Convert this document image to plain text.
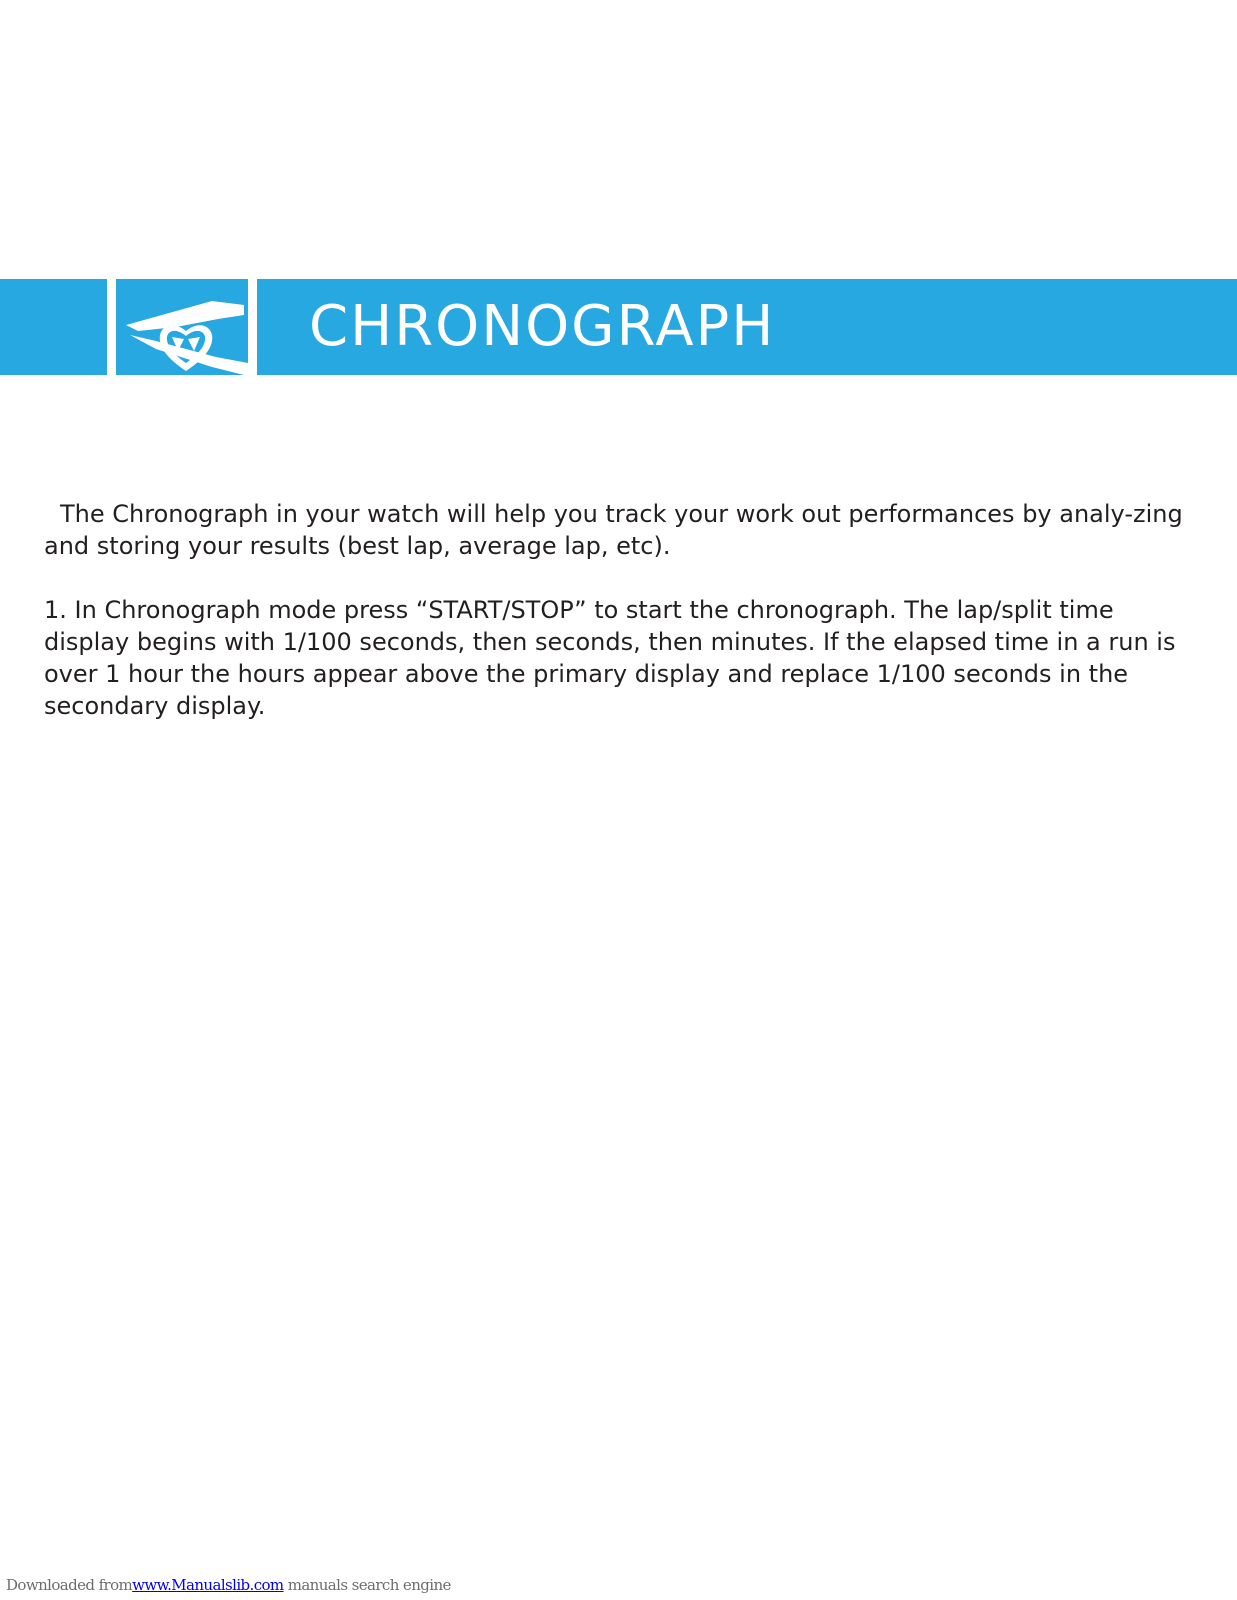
CHRONOGRAPH

The Chronograph in your watch will help you track your work out performances by analy-zing and storing your results (best lap, average lap, etc).

1. In Chronograph mode press “START/STOP” to start the chronograph. The lap/split time display begins with 1/100 seconds, then seconds, then minutes. If the elapsed time in a run is over 1 hour the hours appear above the primary display and replace 1/100 seconds in the secondary display.

Downloaded fromwww.Manualslib.com manuals search engine
